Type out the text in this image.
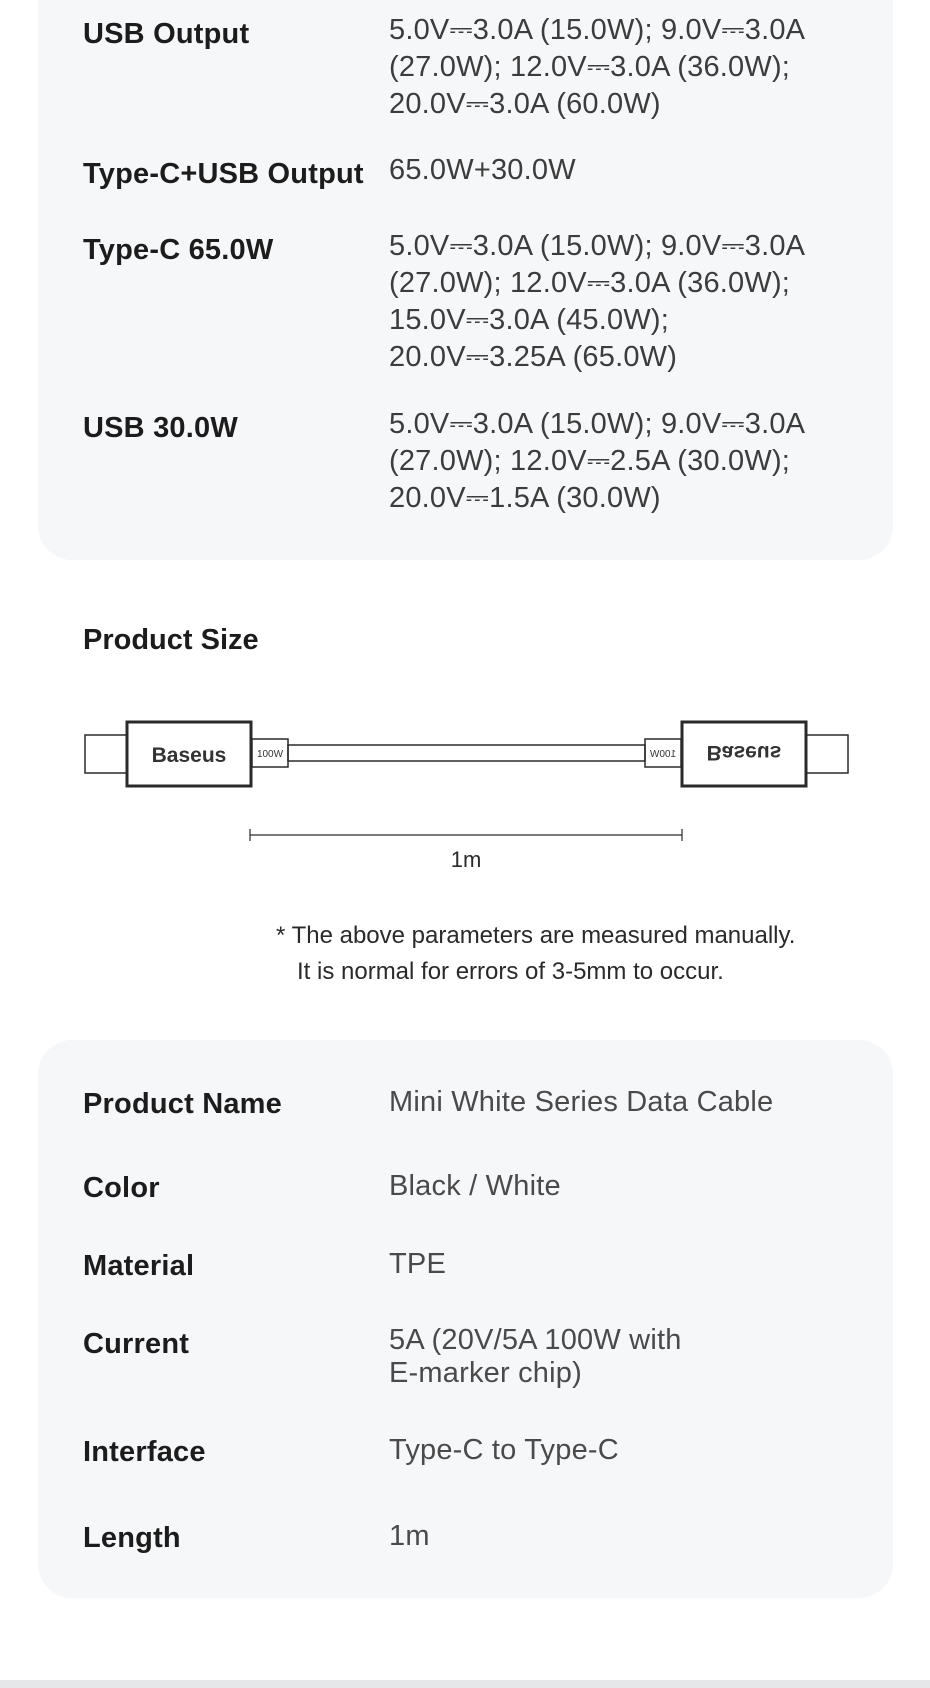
USB Output	5.0V⎓3.0A (15.0W); 9.0V⎓3.0A
(27.0W); 12.0V⎓3.0A (36.0W);
20.0V⎓3.0A (60.0W)
Type-C+USB Output 65.0W+30.0W
Type-C 65.0W	5.0V⎓3.0A (15.0W); 9.0V⎓3.0A
(27.0W); 12.0V⎓3.0A (36.0W);
15.0V⎓3.0A (45.0W);
20.0V⎓3.25A (65.0W)
USB 30.0W	5.0V⎓3.0A (15.0W); 9.0V⎓3.0A
(27.0W); 12.0V⎓2.5A (30.0W);
20.0V⎓1.5A (30.0W)
Product Size
Baseus	100W	Baseus
100W
1m
* The above parameters are measured manually.
It is normal for errors of 3-5mm to occur.
Product Name	Mini White Series Data Cable
Color	Black / White
Material	TPE
Current	5A (20V/5A 100W with
E-marker chip)
Interface	Type-C to Type-C
Length	1m
